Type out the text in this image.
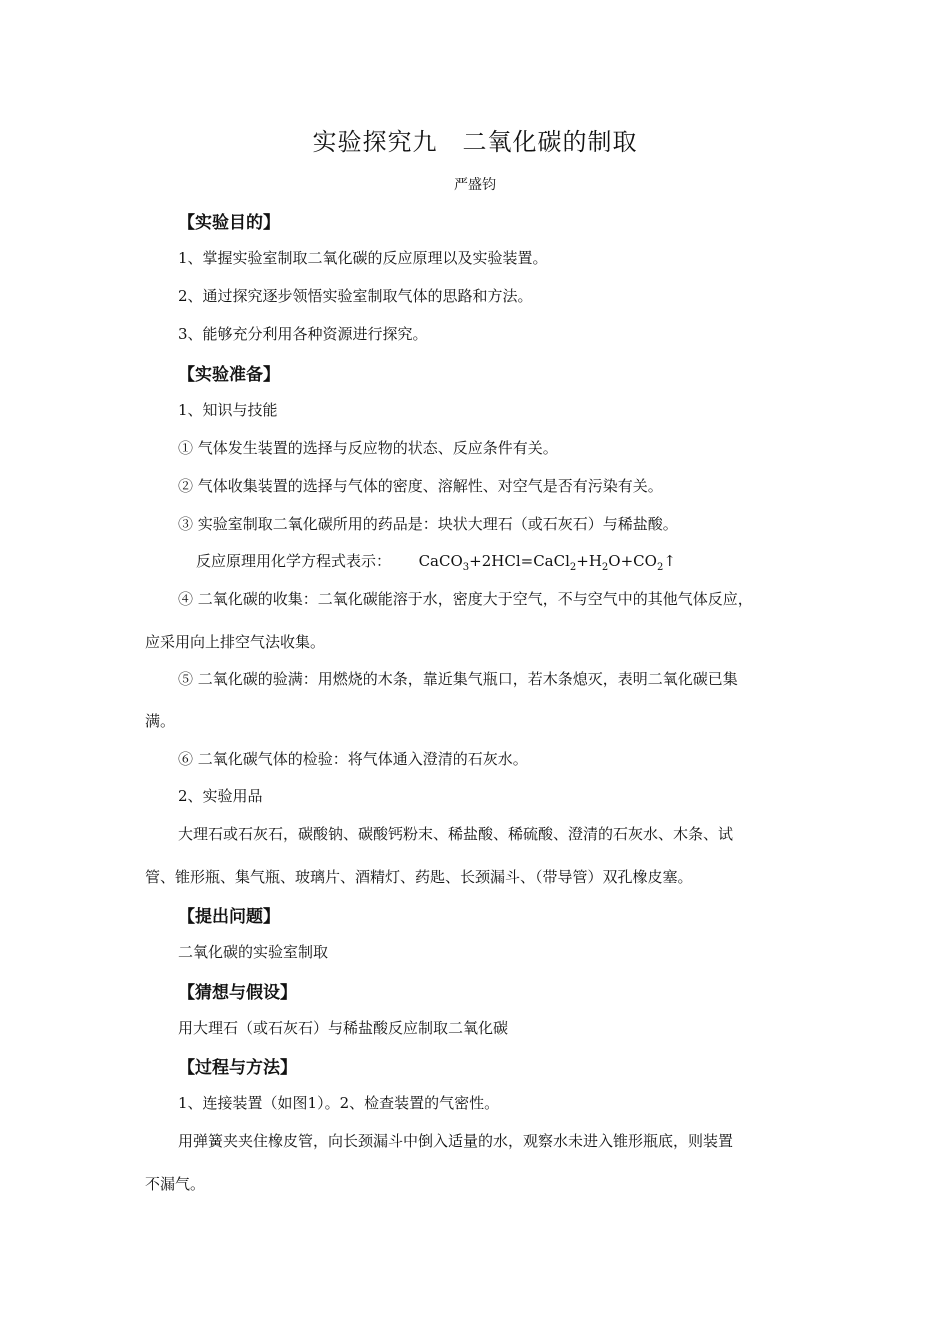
实验探究九　二氧化碳的制取
严盛钧
【实验目的】
1、掌握实验室制取二氧化碳的反应原理以及实验装置。
2、通过探究逐步领悟实验室制取气体的思路和方法。
3、能够充分利用各种资源进行探究。
【实验准备】
1、知识与技能
① 气体发生装置的选择与反应物的状态、反应条件有关。
② 气体收集装置的选择与气体的密度、溶解性、对空气是否有污染有关。
③ 实验室制取二氧化碳所用的药品是：块状大理石（或石灰石）与稀盐酸。
反应原理用化学方程式表示： $CaCO_3+2HCl=CaCl_2+H_2O+CO_2↑$
④ 二氧化碳的收集：二氧化碳能溶于水，密度大于空气，不与空气中的其他气体反应，
应采用向上排空气法收集。
⑤ 二氧化碳的验满：用燃烧的木条，靠近集气瓶口，若木条熄灭，表明二氧化碳已集
满。
⑥ 二氧化碳气体的检验：将气体通入澄清的石灰水。
2、实验用品
大理石或石灰石，碳酸钠、碳酸钙粉末、稀盐酸、稀硫酸、澄清的石灰水、木条、试
管、锥形瓶、集气瓶、玻璃片、酒精灯、药匙、长颈漏斗、（带导管）双孔橡皮塞。
【提出问题】
二氧化碳的实验室制取
【猜想与假设】
用大理石（或石灰石）与稀盐酸反应制取二氧化碳
【过程与方法】
1、连接装置（如图1）。2、检查装置的气密性。
用弹簧夹夹住橡皮管，向长颈漏斗中倒入适量的水，观察水未进入锥形瓶底，则装置
不漏气。
